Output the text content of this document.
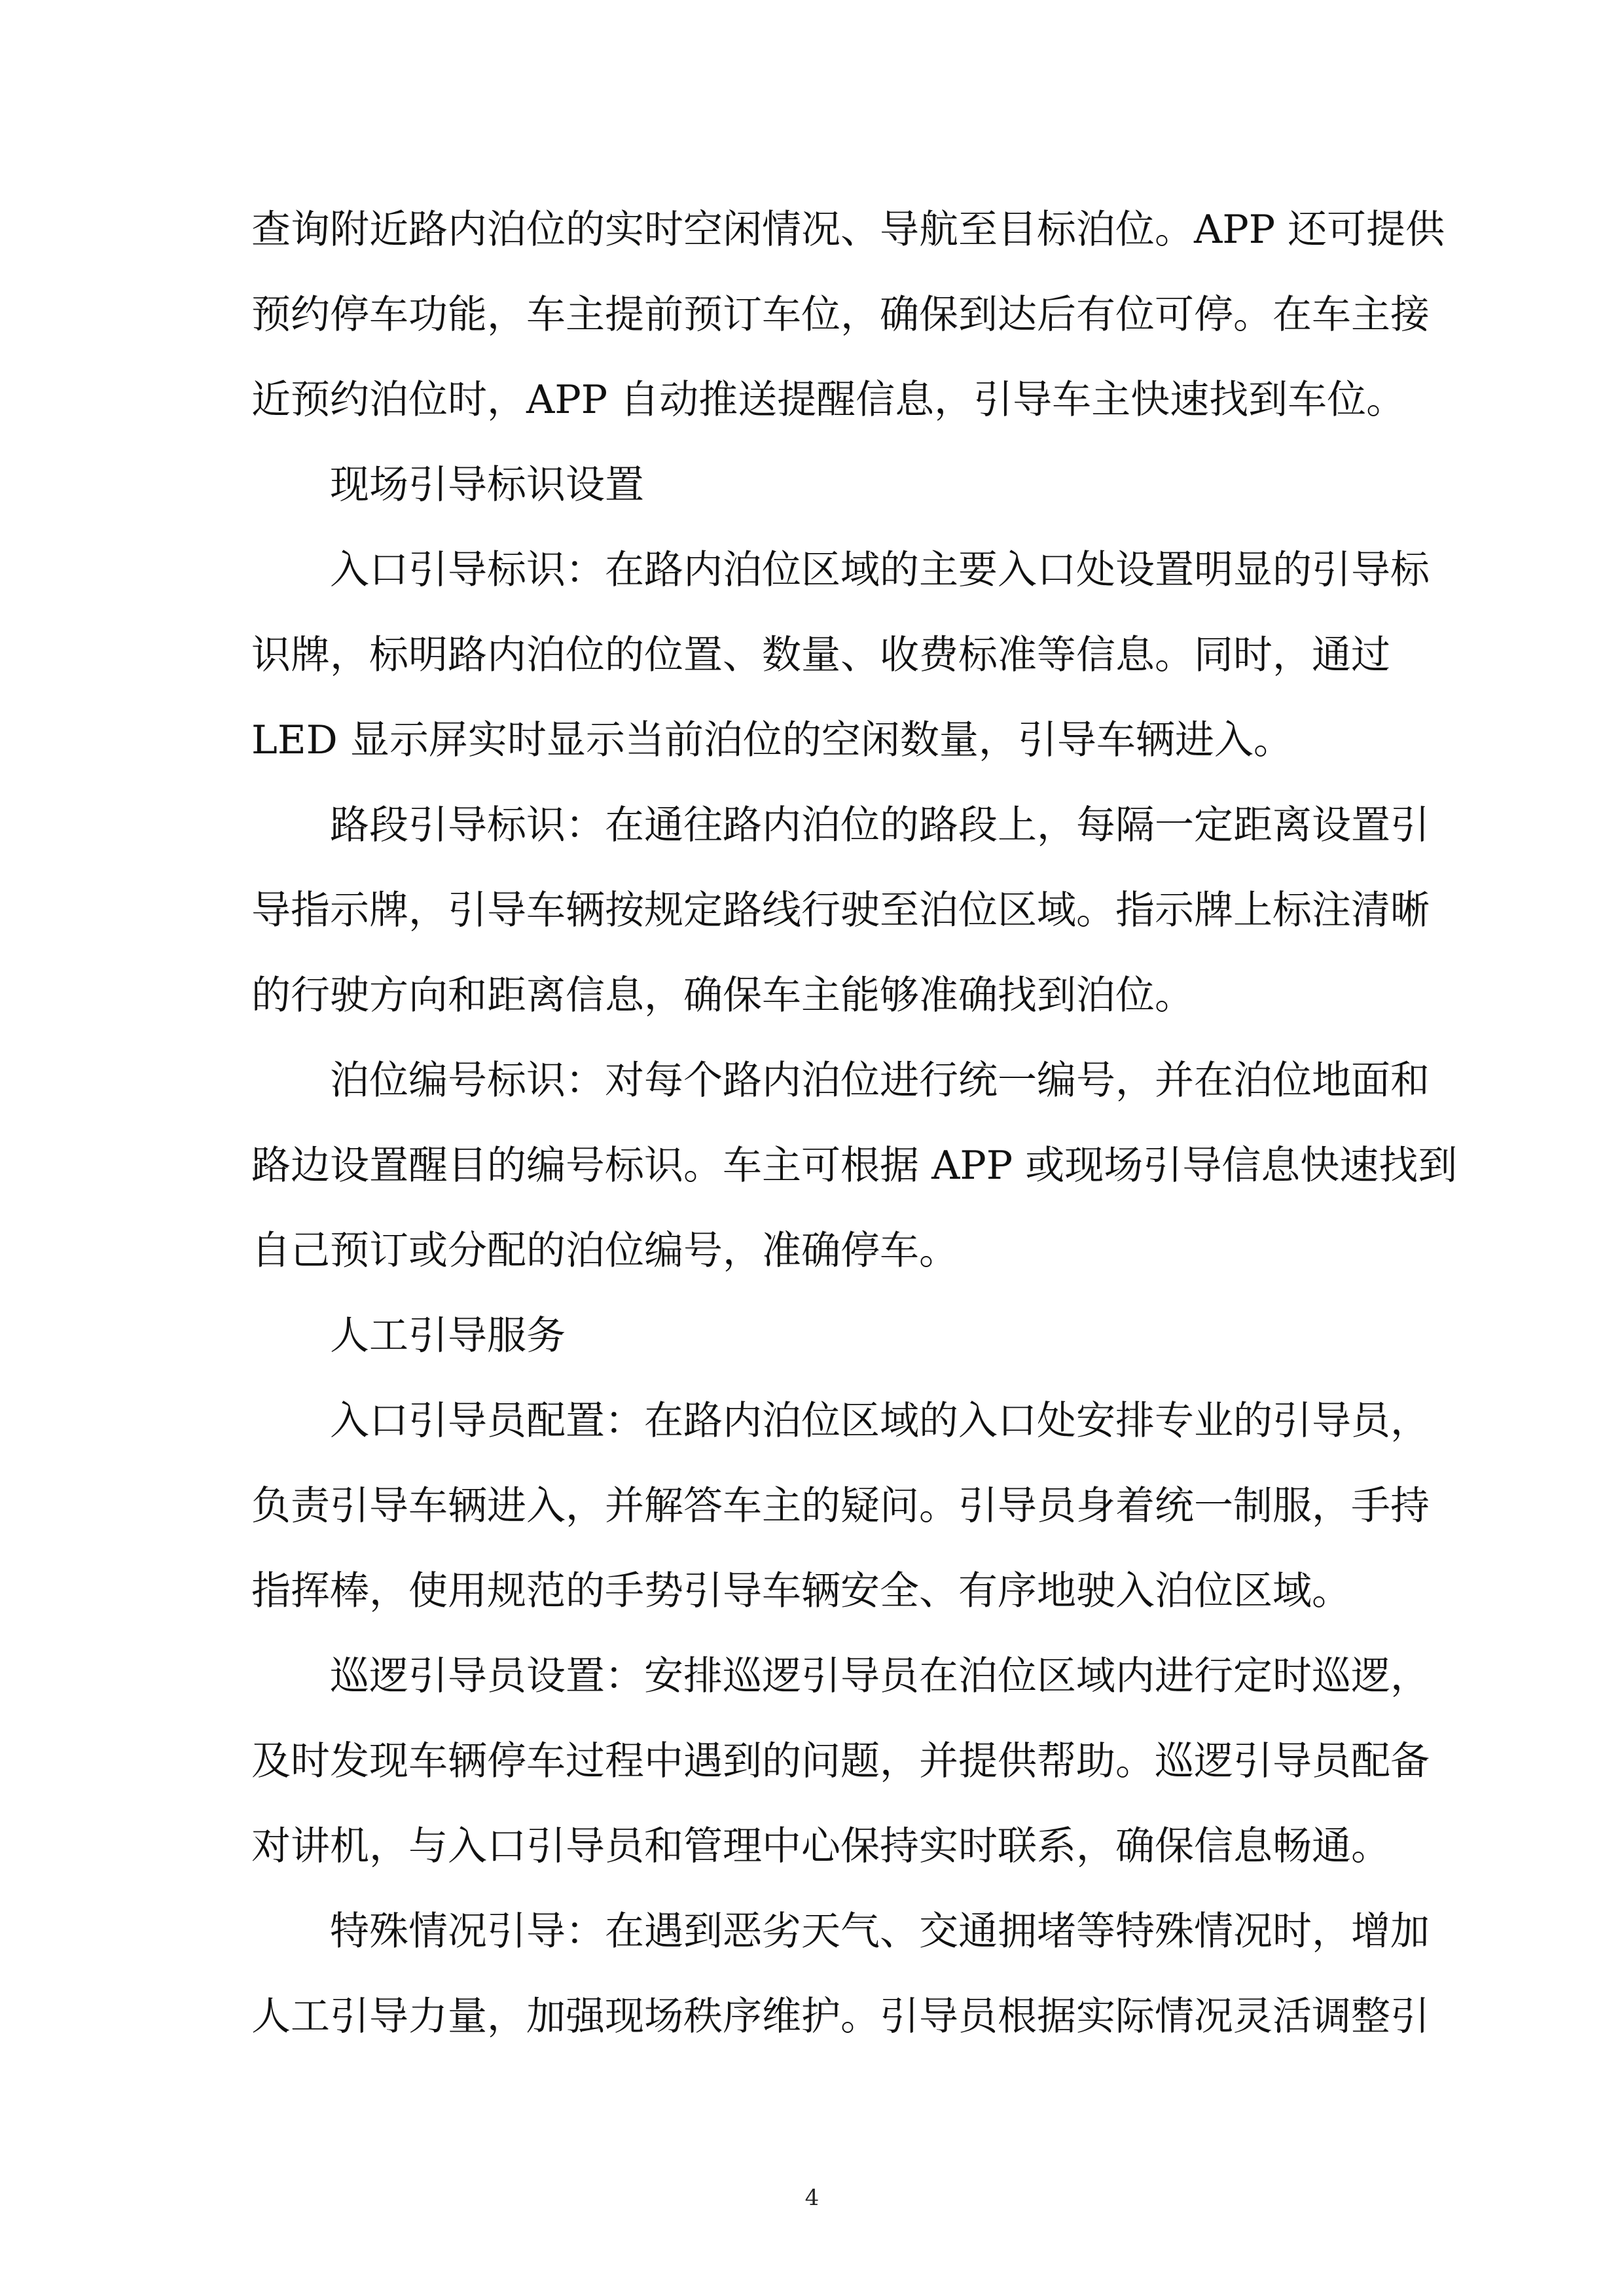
查询附近路内泊位的实时空闲情况、导航至目标泊位。APP 还可提供
预约停车功能，车主提前预订车位，确保到达后有位可停。在车主接
近预约泊位时，APP 自动推送提醒信息，引导车主快速找到车位。
现场引导标识设置
入口引导标识：在路内泊位区域的主要入口处设置明显的引导标
识牌，标明路内泊位的位置、数量、收费标准等信息。同时，通过
LED 显示屏实时显示当前泊位的空闲数量，引导车辆进入。
路段引导标识：在通往路内泊位的路段上，每隔一定距离设置引
导指示牌，引导车辆按规定路线行驶至泊位区域。指示牌上标注清晰
的行驶方向和距离信息，确保车主能够准确找到泊位。
泊位编号标识：对每个路内泊位进行统一编号，并在泊位地面和
路边设置醒目的编号标识。车主可根据 APP 或现场引导信息快速找到
自己预订或分配的泊位编号，准确停车。
人工引导服务
入口引导员配置：在路内泊位区域的入口处安排专业的引导员，
负责引导车辆进入，并解答车主的疑问。引导员身着统一制服，手持
指挥棒，使用规范的手势引导车辆安全、有序地驶入泊位区域。
巡逻引导员设置：安排巡逻引导员在泊位区域内进行定时巡逻，
及时发现车辆停车过程中遇到的问题，并提供帮助。巡逻引导员配备
对讲机，与入口引导员和管理中心保持实时联系，确保信息畅通。
特殊情况引导：在遇到恶劣天气、交通拥堵等特殊情况时，增加
人工引导力量，加强现场秩序维护。引导员根据实际情况灵活调整引
4
